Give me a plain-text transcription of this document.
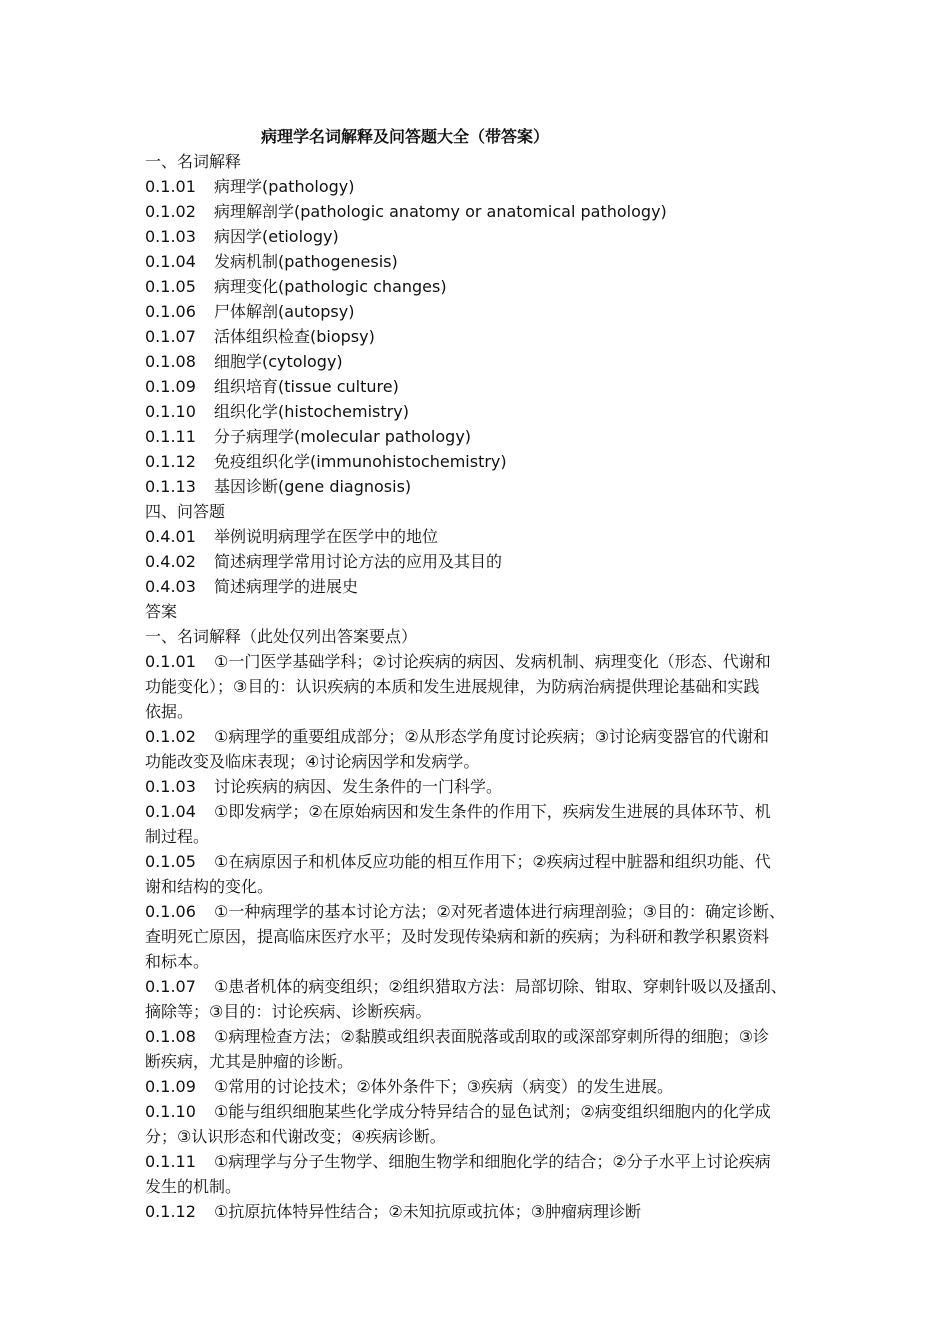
病理学名词解释及问答题大全（带答案）

一、名词解释

0.1.01 病理学(pathology)

0.1.02 病理解剖学(pathologic anatomy or anatomical pathology)

0.1.03 病因学(etiology)

0.1.04 发病机制(pathogenesis)

0.1.05 病理变化(pathologic changes)

0.1.06 尸体解剖(autopsy)

0.1.07 活体组织检查(biopsy)

0.1.08 细胞学(cytology)

0.1.09 组织培育(tissue culture)

0.1.10 组织化学(histochemistry)

0.1.11 分子病理学(molecular pathology)

0.1.12 免疫组织化学(immunohistochemistry)

0.1.13 基因诊断(gene diagnosis)

四、问答题

0.4.01 举例说明病理学在医学中的地位

0.4.02 简述病理学常用讨论方法的应用及其目的

0.4.03 简述病理学的进展史

答案

一、名词解释（此处仅列出答案要点）

0.1.01 ①一门医学基础学科；②讨论疾病的病因、发病机制、病理变化（形态、代谢和

功能变化）；③目的：认识疾病的本质和发生进展规律，为防病治病提供理论基础和实践

依据。

0.1.02 ①病理学的重要组成部分；②从形态学角度讨论疾病；③讨论病变器官的代谢和

功能改变及临床表现；④讨论病因学和发病学。

0.1.03 讨论疾病的病因、发生条件的一门科学。

0.1.04 ①即发病学；②在原始病因和发生条件的作用下，疾病发生进展的具体环节、机

制过程。

0.1.05 ①在病原因子和机体反应功能的相互作用下；②疾病过程中脏器和组织功能、代

谢和结构的变化。

0.1.06 ①一种病理学的基本讨论方法；②对死者遗体进行病理剖验；③目的：确定诊断、

查明死亡原因，提高临床医疗水平；及时发现传染病和新的疾病；为科研和教学积累资料

和标本。

0.1.07 ①患者机体的病变组织；②组织猎取方法：局部切除、钳取、穿刺针吸以及搔刮、

摘除等；③目的：讨论疾病、诊断疾病。

0.1.08 ①病理检查方法；②黏膜或组织表面脱落或刮取的或深部穿刺所得的细胞；③诊

断疾病，尤其是肿瘤的诊断。

0.1.09 ①常用的讨论技术；②体外条件下；③疾病（病变）的发生进展。

0.1.10 ①能与组织细胞某些化学成分特异结合的显色试剂；②病变组织细胞内的化学成

分；③认识形态和代谢改变；④疾病诊断。

0.1.11 ①病理学与分子生物学、细胞生物学和细胞化学的结合；②分子水平上讨论疾病

发生的机制。

0.1.12 ①抗原抗体特异性结合；②未知抗原或抗体；③肿瘤病理诊断
